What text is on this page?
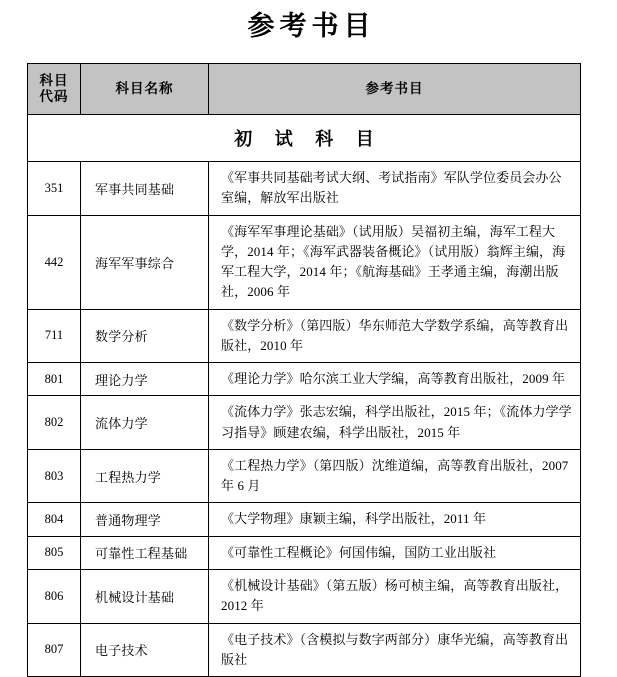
参考书目
科目
代码	科目名称	参考书目
初 试 科 目		
351	军事共同基础	《军事共同基础考试大纲、考试指南》军队学位委员会办公室编，解放军出版社
442	海军军事综合	《海军军事理论基础》（试用版）吴福初主编，海军工程大学，2014 年；《海军武器装备概论》（试用版）翁辉主编，海军工程大学，2014 年；《航海基础》王孝通主编，海潮出版社，2006 年
711	数学分析	《数学分析》（第四版）华东师范大学数学系编，高等教育出版社，2010 年
801	理论力学	《理论力学》哈尔滨工业大学编，高等教育出版社，2009 年
802	流体力学	《流体力学》张志宏编，科学出版社，2015 年；《流体力学学习指导》顾建农编，科学出版社，2015 年
803	工程热力学	《工程热力学》（第四版）沈维道编，高等教育出版社，2007 年 6 月
804	普通物理学	《大学物理》康颖主编，科学出版社，2011 年
805	可靠性工程基础	《可靠性工程概论》何国伟编，国防工业出版社
806	机械设计基础	《机械设计基础》（第五版）杨可桢主编，高等教育出版社，2012 年
807	电子技术	《电子技术》（含模拟与数字两部分）康华光编，高等教育出版社
